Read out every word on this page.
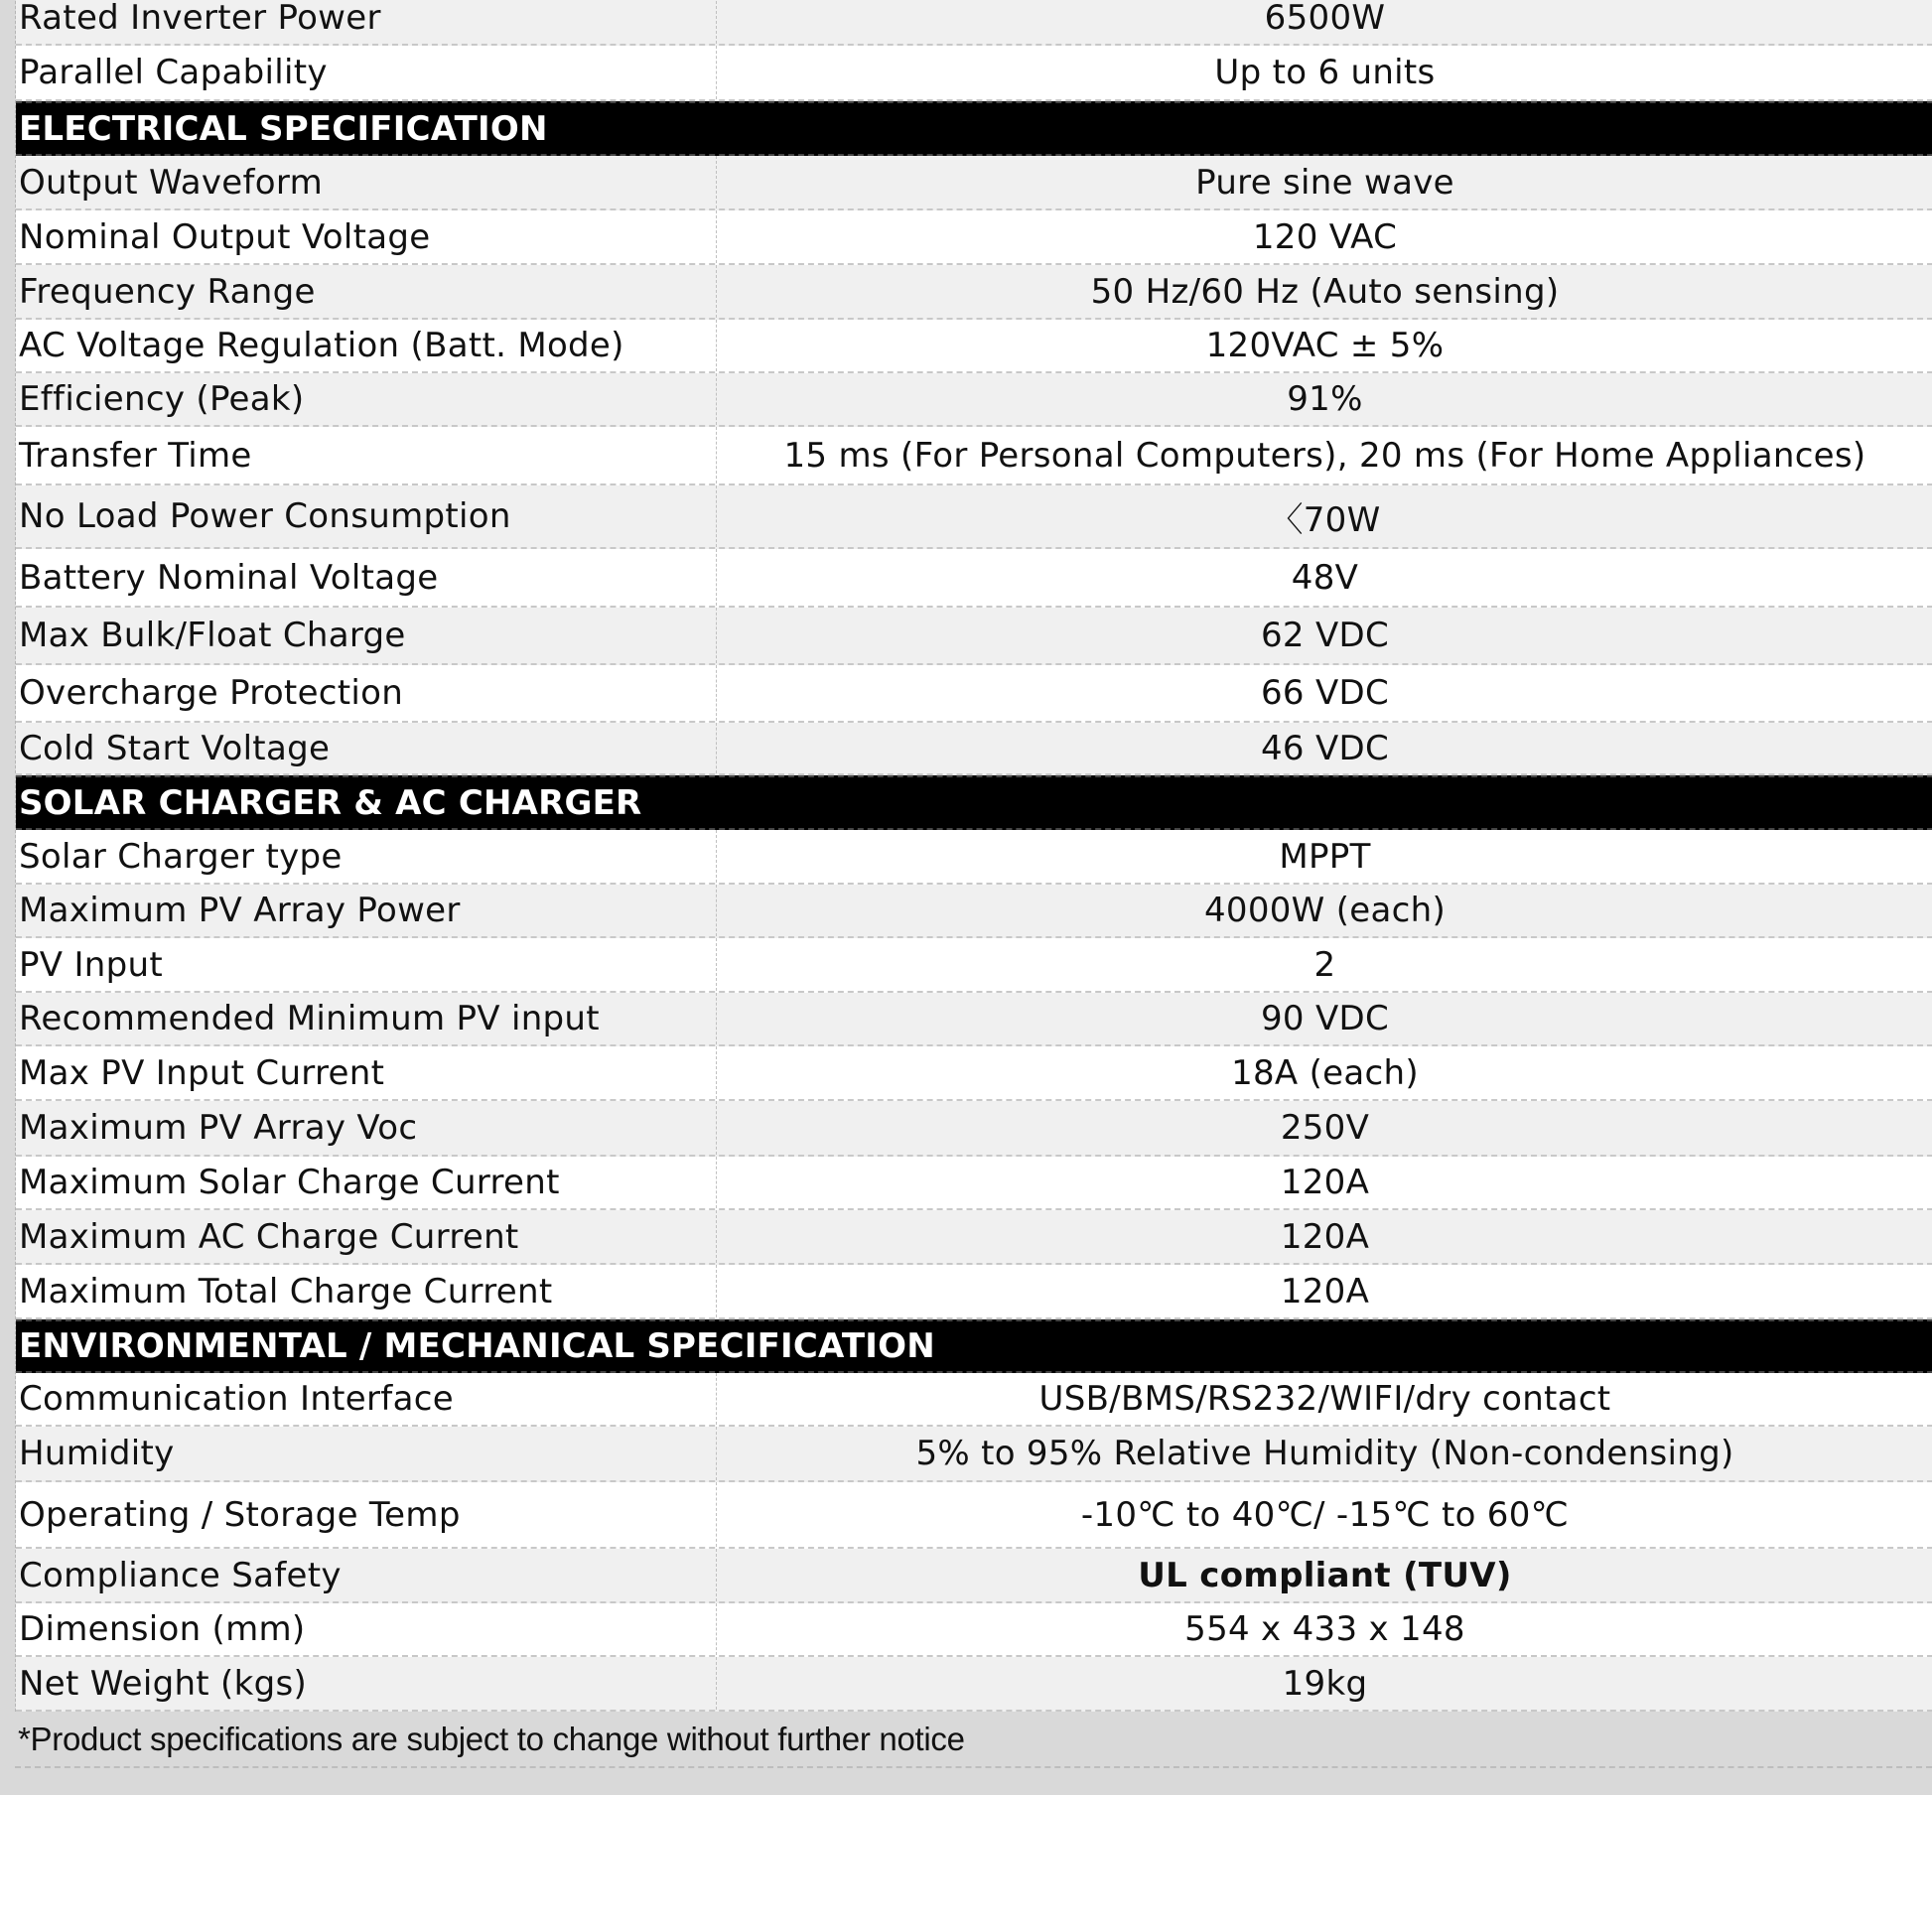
Rated Inverter Power	6500W
Parallel Capability	Up to 6 units
ELECTRICAL SPECIFICATION
Output Waveform	Pure sine wave
Nominal Output Voltage	120 VAC
Frequency Range	50 Hz/60 Hz (Auto sensing)
AC Voltage Regulation (Batt. Mode)	120VAC ± 5%
Efficiency (Peak)	91%
Transfer Time	15 ms (For Personal Computers), 20 ms (For Home Appliances)
No Load Power Consumption	〈70W
Battery Nominal Voltage	48V
Max Bulk/Float Charge	62 VDC
Overcharge Protection	66 VDC
Cold Start Voltage	46 VDC
SOLAR CHARGER & AC CHARGER
Solar Charger type	MPPT
Maximum PV Array Power	4000W (each)
PV Input	2
Recommended Minimum PV input	90 VDC
Max PV Input Current	18A (each)
Maximum PV Array Voc	250V
Maximum Solar Charge Current	120A
Maximum AC Charge Current	120A
Maximum Total Charge Current	120A
ENVIRONMENTAL / MECHANICAL SPECIFICATION
Communication Interface	USB/BMS/RS232/WIFI/dry contact
Humidity	5% to 95% Relative Humidity (Non-condensing)
Operating / Storage Temp	-10℃ to 40℃/ -15℃ to 60℃
Compliance Safety	UL compliant (TUV)
Dimension (mm)	554 x 433 x 148
Net Weight (kgs)	19kg
*Product specifications are subject to change without further notice
